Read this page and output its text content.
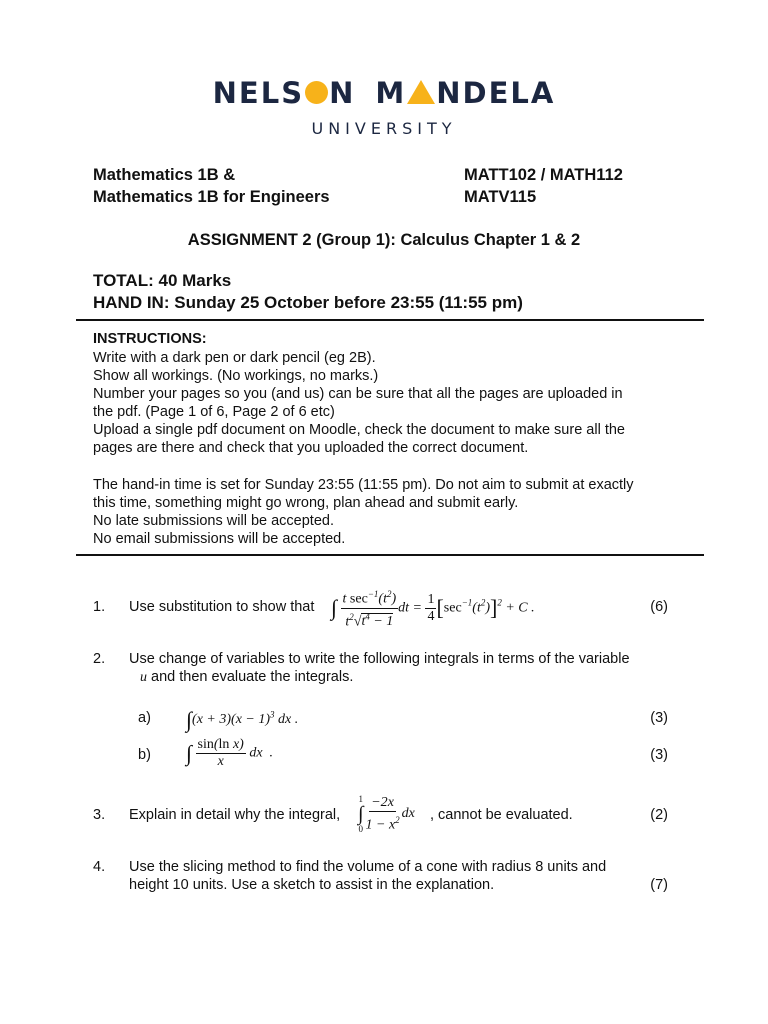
NELS N M NDELA
UNIVERSITY
Mathematics 1B &
Mathematics 1B for Engineers
MATT102 / MATH112
MATV115
ASSIGNMENT 2 (Group 1): Calculus Chapter 1 & 2
TOTAL: 40 Marks
HAND IN: Sunday 25 October before 23:55 (11:55 pm)
INSTRUCTIONS:
Write with a dark pen or dark pencil (eg 2B).
Show all workings. (No workings, no marks.)
Number your pages so you (and us) can be sure that all the pages are uploaded in
the pdf. (Page 1 of 6, Page 2 of 6 etc)
Upload a single pdf document on Moodle, check the document to make sure all the
pages are there and check that you uploaded the correct document.
The hand-in time is set for Sunday 23:55 (11:55 pm). Do not aim to submit at exactly
this time, something might go wrong, plan ahead and submit early.
No late submissions will be accepted.
No email submissions will be accepted.
1. Use substitution to show that ∫ $\frac{t \sec^{-1}(t^2)}{t^2√t^4 - 1}$ dt = $\frac{1}{4} [\sec^{-1}(t^2)]^2 + C$ .	(6)
2. Use change of variables to write the following integrals in terms of the variable
u and then evaluate the integrals.
a) $\int(x + 3)(x - 1)^3$ dx .	(3)
b) ∫ $\frac{\text{sin(ln x)}}{x}$ dx  .	(3)
3. Explain in detail why the integral,
1
∫
$0 \frac{-2x}{1 - x^2}$ dx , cannot be evaluated.	(2)
4. Use the slicing method to find the volume of a cone with radius 8 units and
height 10 units. Use a sketch to assist in the explanation.	(7)
